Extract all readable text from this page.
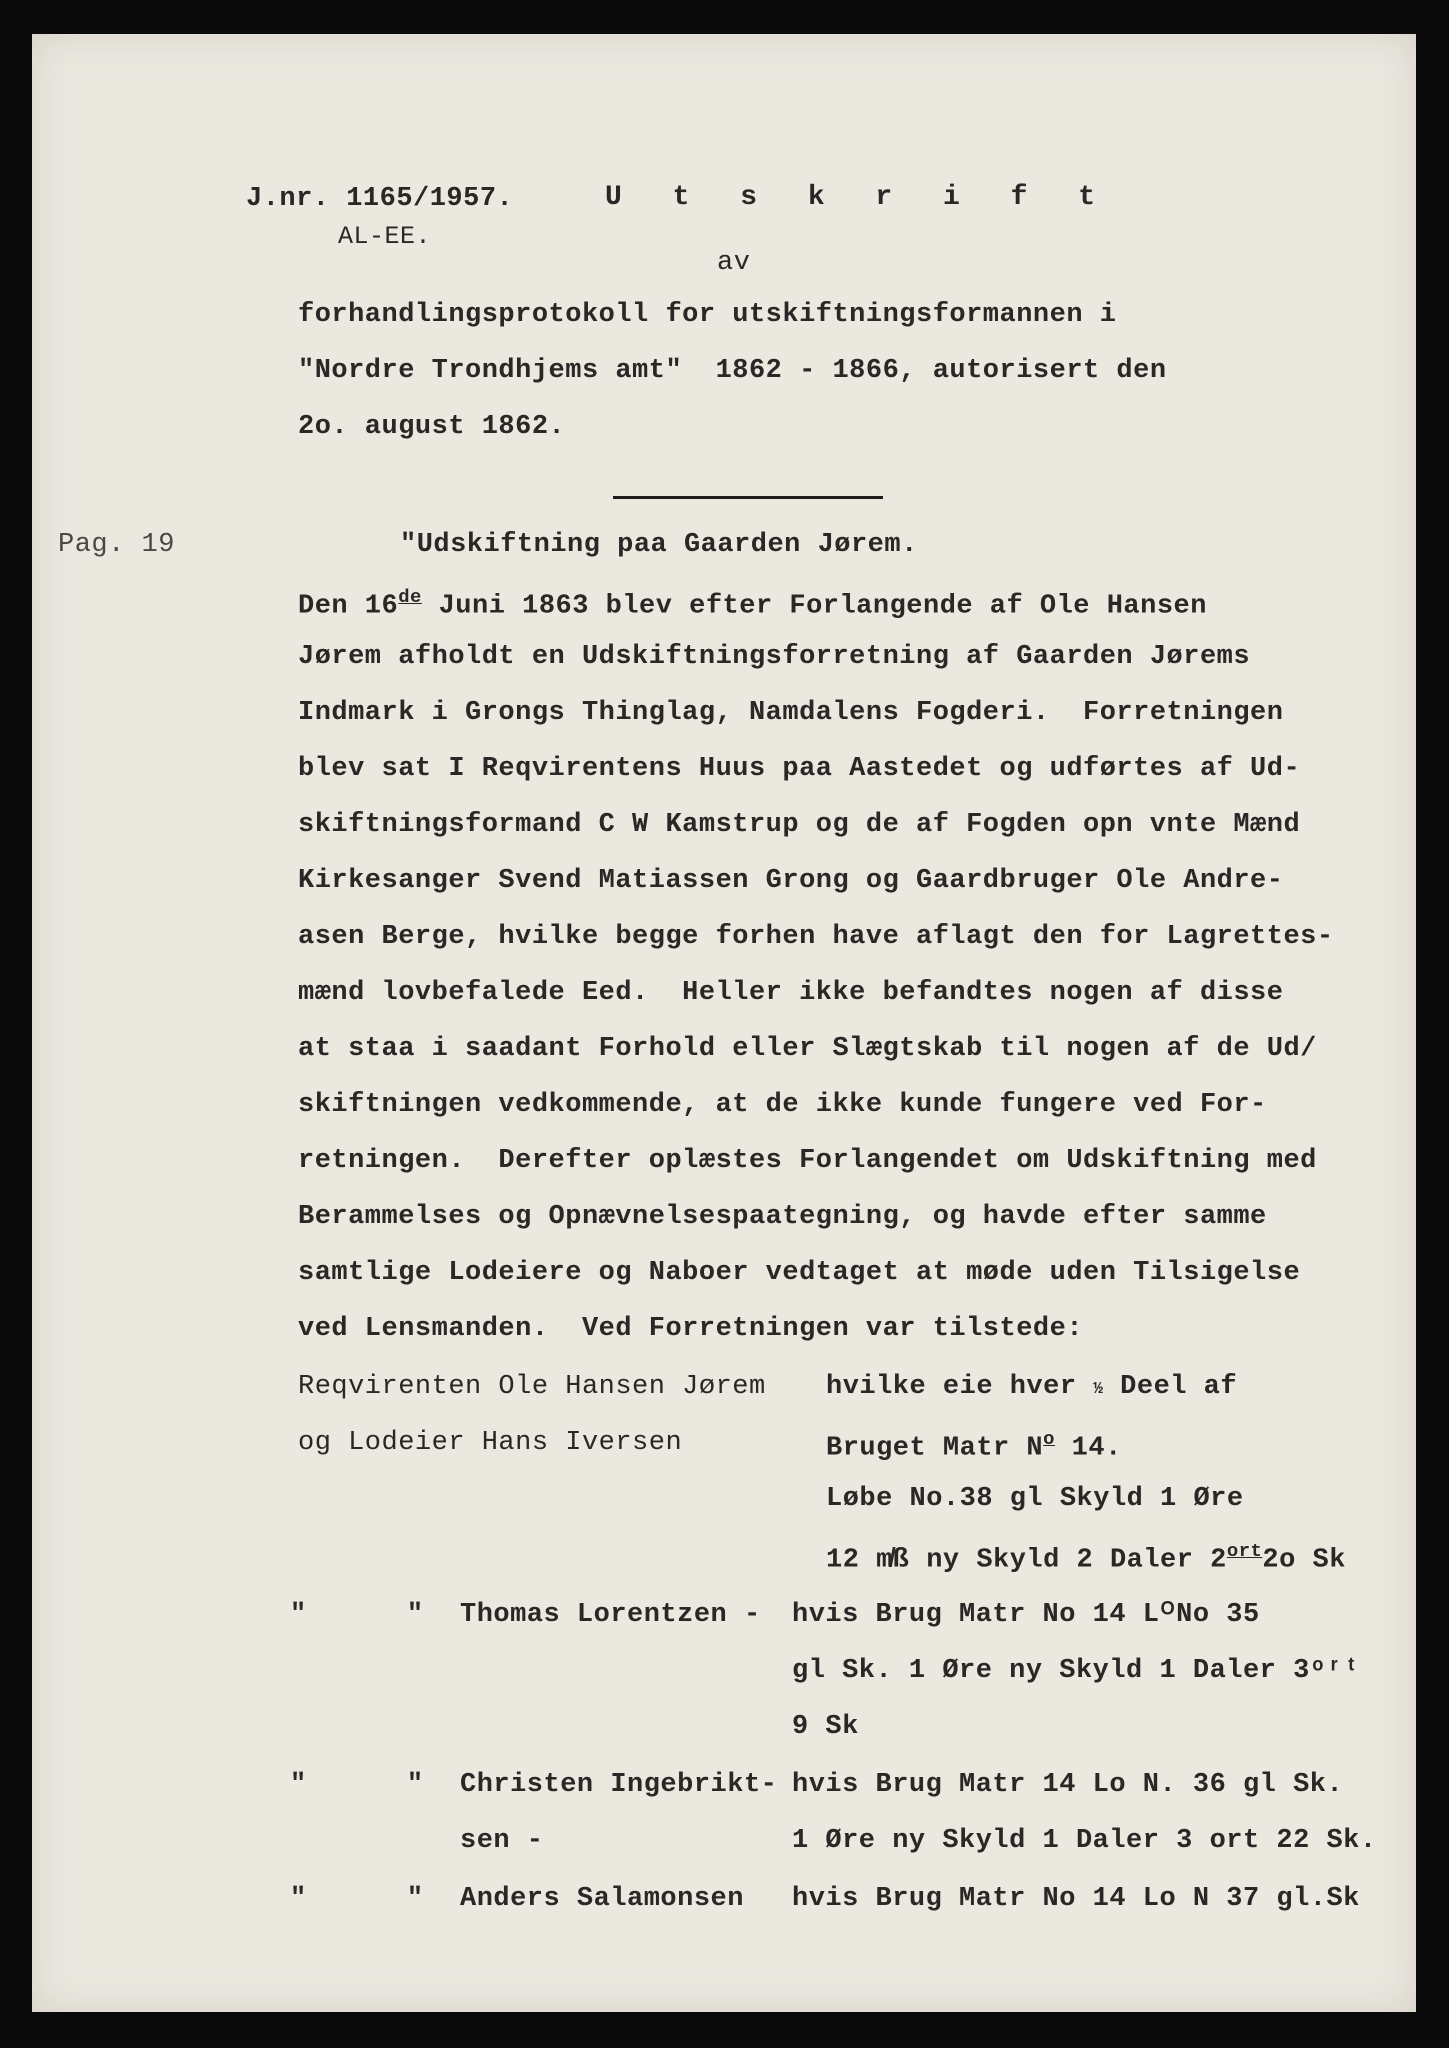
J.nr. 1165/1957.
AL-EE.
U t s k r i f t
av
forhandlingsprotokoll for utskiftningsformannen i
"Nordre Trondhjems amt"  1862 - 1866, autorisert den
2o. august 1862.
Pag. 19	"Udskiftning paa Gaarden Jørem.
Den 16de Juni 1863 blev efter Forlangende af Ole Hansen
Jørem afholdt en Udskiftningsforretning af Gaarden Jørems
Indmark i Grongs Thinglag, Namdalens Fogderi.  Forretningen
blev sat I Reqvirentens Huus paa Aastedet og udførtes af Ud-
skiftningsformand C W Kamstrup og de af Fogden opn vnte Mænd
Kirkesanger Svend Matiassen Grong og Gaardbruger Ole Andre-
asen Berge, hvilke begge forhen have aflagt den for Lagrettes-
mænd lovbefalede Eed.  Heller ikke befandtes nogen af disse
at staa i saadant Forhold eller Slægtskab til nogen af de Ud/
skiftningen vedkommende, at de ikke kunde fungere ved For-
retningen.  Derefter oplæstes Forlangendet om Udskiftning med
Berammelses og Opnævnelsespaategning, og havde efter samme
samtlige Lodeiere og Naboer vedtaget at møde uden Tilsigelse
ved Lensmanden.  Ved Forretningen var tilstede:
Reqvirenten Ole Hansen Jørem
og Lodeier Hans Iversen
hvilke eie hver ½ Deel af
Bruget Matr $N^o$ 14.
Løbe No.38 gl Skyld 1 Øre
12 m̸ß ny Skyld 2 Daler $2^{ort}2o$ Sk
"      " Thomas Lorentzen - hvis Brug Matr No 14 LᴼNo 35
gl Sk. 1 Øre ny Skyld 1 Daler 3ᵒʳᵗ
9 Sk
"      " Christen Ingebrikt-
sen -
hvis Brug Matr 14 Lo N. 36 gl Sk.
1 Øre ny Skyld 1 Daler 3 ort 22 Sk.
"      " Anders Salamonsen hvis Brug Matr No 14 Lo N 37 gl.Sk
